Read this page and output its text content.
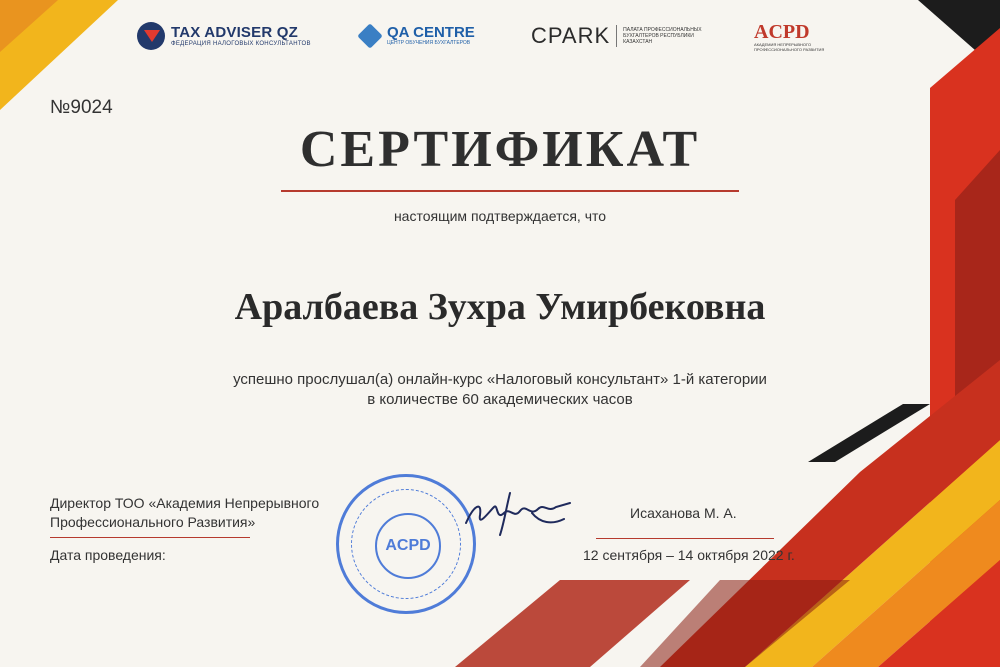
TAX ADVISER QZ
ФЕДЕРАЦИЯ НАЛОГОВЫХ КОНСУЛЬТАНТОВ
QA CENTRE
ЦЕНТР ОБУЧЕНИЯ БУХГАЛТЕРОВ	СPARK	ПАЛАТА ПРОФЕССИОНАЛЬНЫХ БУХГАЛТЕРОВ РЕСПУБЛИКИ КАЗАХСТАН	ACPD
АКАДЕМИЯ НЕПРЕРЫВНОГО ПРОФЕССИОНАЛЬНОГО РАЗВИТИЯ
№9024
СЕРТИФИКАТ
настоящим подтверждается, что
Аралбаева Зухра Умирбековна
успешно прослушал(а) онлайн-курс «Налоговый консультант» 1-й категории
в количестве 60 академических часов
Директор ТОО «Академия Непрерывного
Профессионального Развития»
ACPD
Исаханова М. А.
Дата проведения:	12 сентября – 14 октября 2022 г.
